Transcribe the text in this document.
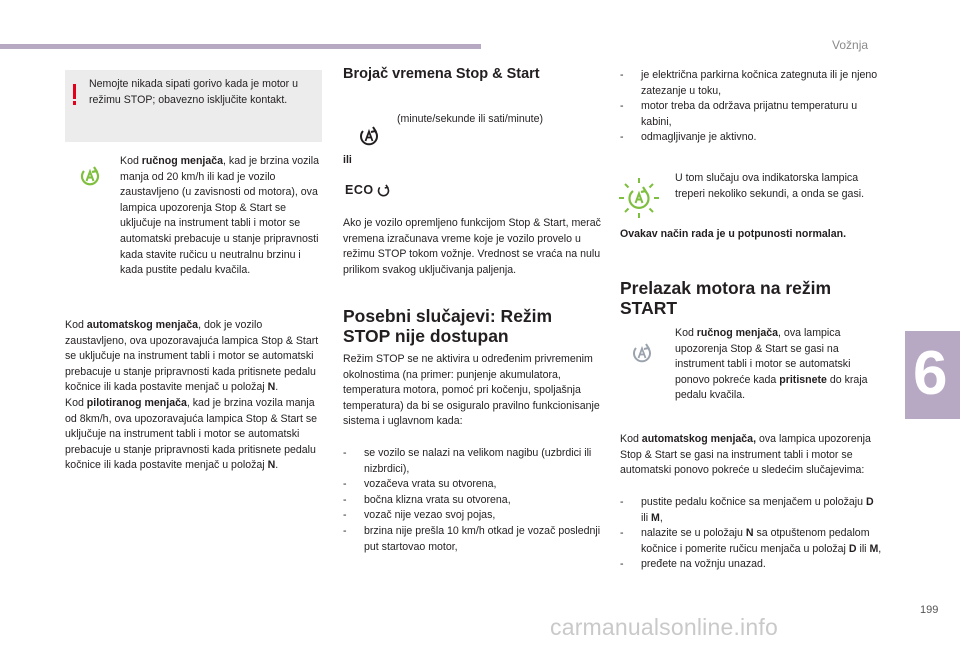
Vožnja
6
199
carmanualsonline.info
Nemojte nikada sipati gorivo kada je motor u režimu STOP; obavezno isključite kontakt.
Kod ručnog menjača, kad je brzina vozila manja od 20 km/h ili kad je vozilo zaustavljeno (u zavisnosti od motora), ova lampica upozorenja Stop & Start se uključuje na instrument tabli i motor se automatski prebacuje u stanje pripravnosti kada stavite ručicu u neutralnu brzinu i kada pustite pedalu kvačila.
Kod automatskog menjača, dok je vozilo zaustavljeno, ova upozoravajuća lampica Stop & Start se uključuje na instrument tabli i motor se automatski prebacuje u stanje pripravnosti kada pritisnete pedalu kočnice ili kada postavite menjač u položaj N.
Kod pilotiranog menjača, kad je brzina vozila manja od 8km/h, ova upozoravajuća lampica Stop & Start se uključuje na instrument tabli i motor se automatski prebacuje u stanje pripravnosti kada pritisnete pedalu kočnice ili kada postavite menjač u položaj N.
Brojač vremena Stop & Start
(minute/sekunde ili sati/minute)
ili
ECO
Ako je vozilo opremljeno funkcijom Stop & Start, merač vremena izračunava vreme koje je vozilo provelo u režimu STOP tokom vožnje. Vrednost se vraća na nulu prilikom svakog uključivanja paljenja.
Posebni slučajevi: Režim STOP nije dostupan
Režim STOP se ne aktivira u određenim privremenim okolnostima (na primer: punjenje akumulatora, temperatura motora, pomoć pri kočenju, spoljašnja temperatura) da bi se osiguralo pravilno funkcionisanje sistema i uglavnom kada:
- se vozilo se nalazi na velikom nagibu (uzbrdici ili nizbrdici),
- vozačeva vrata su otvorena,
- bočna klizna vrata su otvorena,
- vozač nije vezao svoj pojas,
- brzina nije prešla 10 km/h otkad je vozač poslednji put startovao motor,
- je električna parkirna kočnica zategnuta ili je njeno zatezanje u toku,
- motor treba da održava prijatnu temperaturu u kabini,
- odmagljivanje je aktivno.
U tom slučaju ova indikatorska lampica treperi nekoliko sekundi, a onda se gasi.
Ovakav način rada je u potpunosti normalan.
Prelazak motora na režim START
Kod ručnog menjača, ova lampica upozorenja Stop & Start se gasi na instrument tabli i motor se automatski ponovo pokreće kada pritisnete do kraja pedalu kvačila.
Kod automatskog menjača, ova lampica upozorenja Stop & Start se gasi na instrument tabli i motor se automatski ponovo pokreće u sledećim slučajevima:
- pustite pedalu kočnice sa menjačem u položaju D ili M,
- nalazite se u položaju N sa otpuštenom pedalom kočnice i pomerite ručicu menjača u položaj D ili M,
- pređete na vožnju unazad.
